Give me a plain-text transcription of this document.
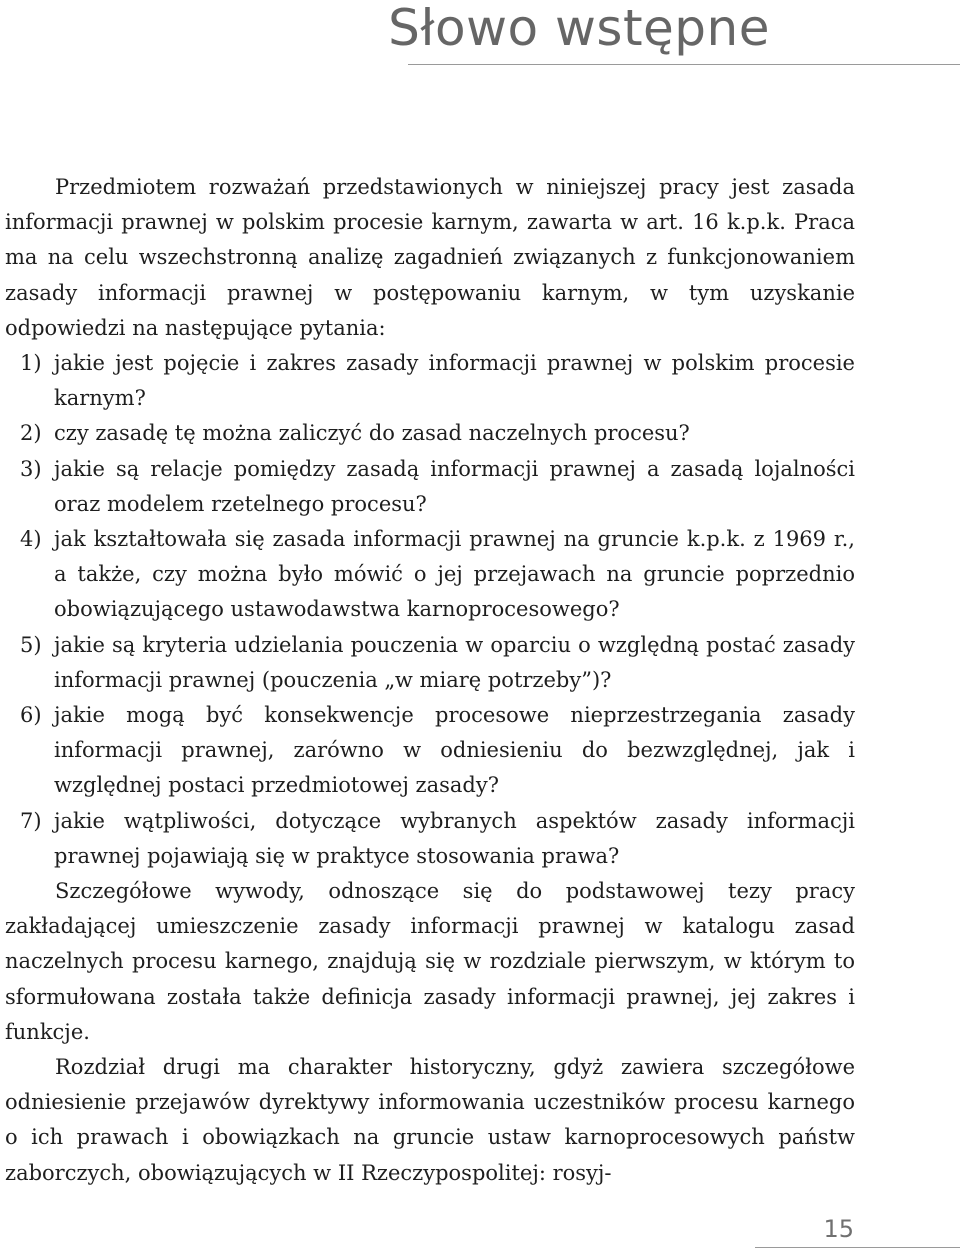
Słowo wstępne

Przedmiotem rozważań przedstawionych w niniejszej pracy jest zasada informacji prawnej w polskim procesie karnym, zawarta w art. 16 k.p.k. Praca ma na celu wszechstronną analizę zagadnień związanych z funkcjonowaniem zasady informacji prawnej w postępowaniu karnym, w tym uzyskanie odpowiedzi na następujące pytania:

1) jakie jest pojęcie i zakres zasady informacji prawnej w polskim procesie karnym?
2) czy zasadę tę można zaliczyć do zasad naczelnych procesu?
3) jakie są relacje pomiędzy zasadą informacji prawnej a zasadą lojalności oraz modelem rzetelnego procesu?
4) jak kształtowała się zasada informacji prawnej na gruncie k.p.k. z 1969 r., a także, czy można było mówić o jej przejawach na gruncie poprzednio obowiązującego ustawodawstwa karnoprocesowego?
5) jakie są kryteria udzielania pouczenia w oparciu o względną postać zasady informacji prawnej (pouczenia „w miarę potrzeby”)?
6) jakie mogą być konsekwencje procesowe nieprzestrzegania zasady informacji prawnej, zarówno w odniesieniu do bezwzględnej, jak i względnej postaci przedmiotowej zasady?
7) jakie wątpliwości, dotyczące wybranych aspektów zasady informacji prawnej pojawiają się w praktyce stosowania prawa?

Szczegółowe wywody, odnoszące się do podstawowej tezy pracy zakładającej umieszczenie zasady informacji prawnej w katalogu zasad naczelnych procesu karnego, znajdują się w rozdziale pierwszym, w którym to sformułowana została także definicja zasady informacji prawnej, jej zakres i funkcje.

Rozdział drugi ma charakter historyczny, gdyż zawiera szczegółowe odniesienie przejawów dyrektywy informowania uczestników procesu karnego o ich prawach i obowiązkach na gruncie ustaw karnoprocesowych państw zaborczych, obowiązujących w II Rzeczypospolitej: rosyj-

15
